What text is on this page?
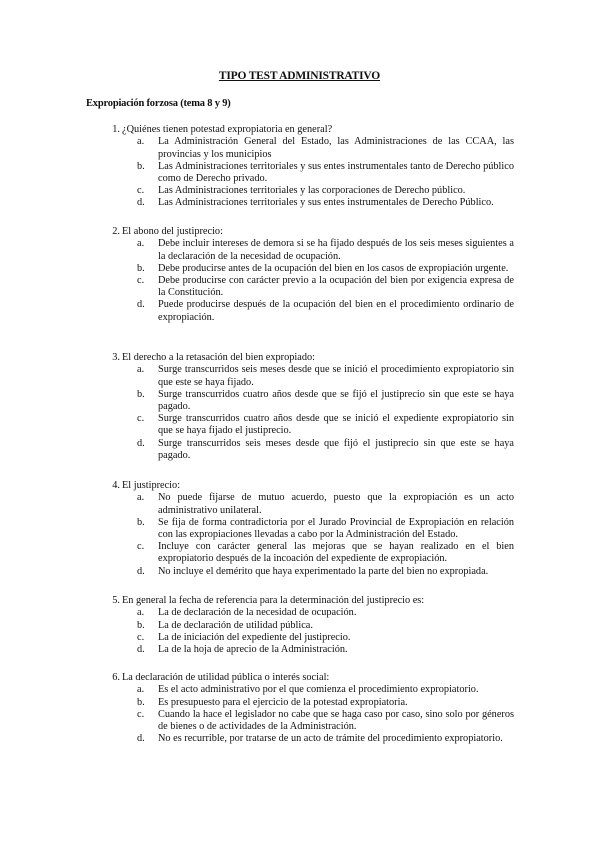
TIPO TEST ADMINISTRATIVO
Expropiación forzosa (tema 8 y 9)
1. ¿Quiénes tienen potestad expropiatoria en general?
a.	La Administración General del Estado, las Administraciones de las CCAA, las provincias y los municipios
b.	Las Administraciones territoriales y sus entes instrumentales tanto de Derecho público como de Derecho privado.
c.	Las Administraciones territoriales y las corporaciones de Derecho público.
d.	Las Administraciones territoriales y sus entes instrumentales de Derecho Público.
2. El abono del justiprecio:
a.	Debe incluir intereses de demora si se ha fijado después de los seis meses siguientes a la declaración de la necesidad de ocupación.
b.	Debe producirse antes de la ocupación del bien en los casos de expropiación urgente.
c.	Debe producirse con carácter previo a la ocupación del bien por exigencia expresa de la Constitución.
d.	Puede producirse después de la ocupación del bien en el procedimiento ordinario de expropiación.
3. El derecho a la retasación del bien expropiado:
a.	Surge transcurridos seis meses desde que se inició el procedimiento expropiatorio sin que este se haya fijado.
b.	Surge transcurridos cuatro años desde que se fijó el justiprecio sin que este se haya pagado.
c.	Surge transcurridos cuatro años desde que se inició el expediente expropiatorio sin que se haya fijado el justiprecio.
d.	Surge transcurridos seis meses desde que fijó el justiprecio sin que este se haya pagado.
4. El justiprecio:
a.	No puede fijarse de mutuo acuerdo, puesto que la expropiación es un acto administrativo unilateral.
b.	Se fija de forma contradictoria por el Jurado Provincial de Expropiación en relación con las expropiaciones llevadas a cabo por la Administración del Estado.
c.	Incluye con carácter general las mejoras que se hayan realizado en el bien expropiatorio después de la incoación del expediente de expropiación.
d.	No incluye el demérito que haya experimentado la parte del bien no expropiada.
5. En general la fecha de referencia para la determinación del justiprecio es:
a.	La de declaración de la necesidad de ocupación.
b.	La de declaración de utilidad pública.
c.	La de iniciación del expediente del justiprecio.
d.	La de la hoja de aprecio de la Administración.
6. La declaración de utilidad pública o interés social:
a.	Es el acto administrativo por el que comienza el procedimiento expropiatorio.
b.	Es presupuesto para el ejercicio de la potestad expropiatoria.
c.	Cuando la hace el legislador no cabe que se haga caso por caso, sino solo por géneros de bienes o de actividades de la Administración.
d.	No es recurrible, por tratarse de un acto de trámite del procedimiento expropiatorio.
